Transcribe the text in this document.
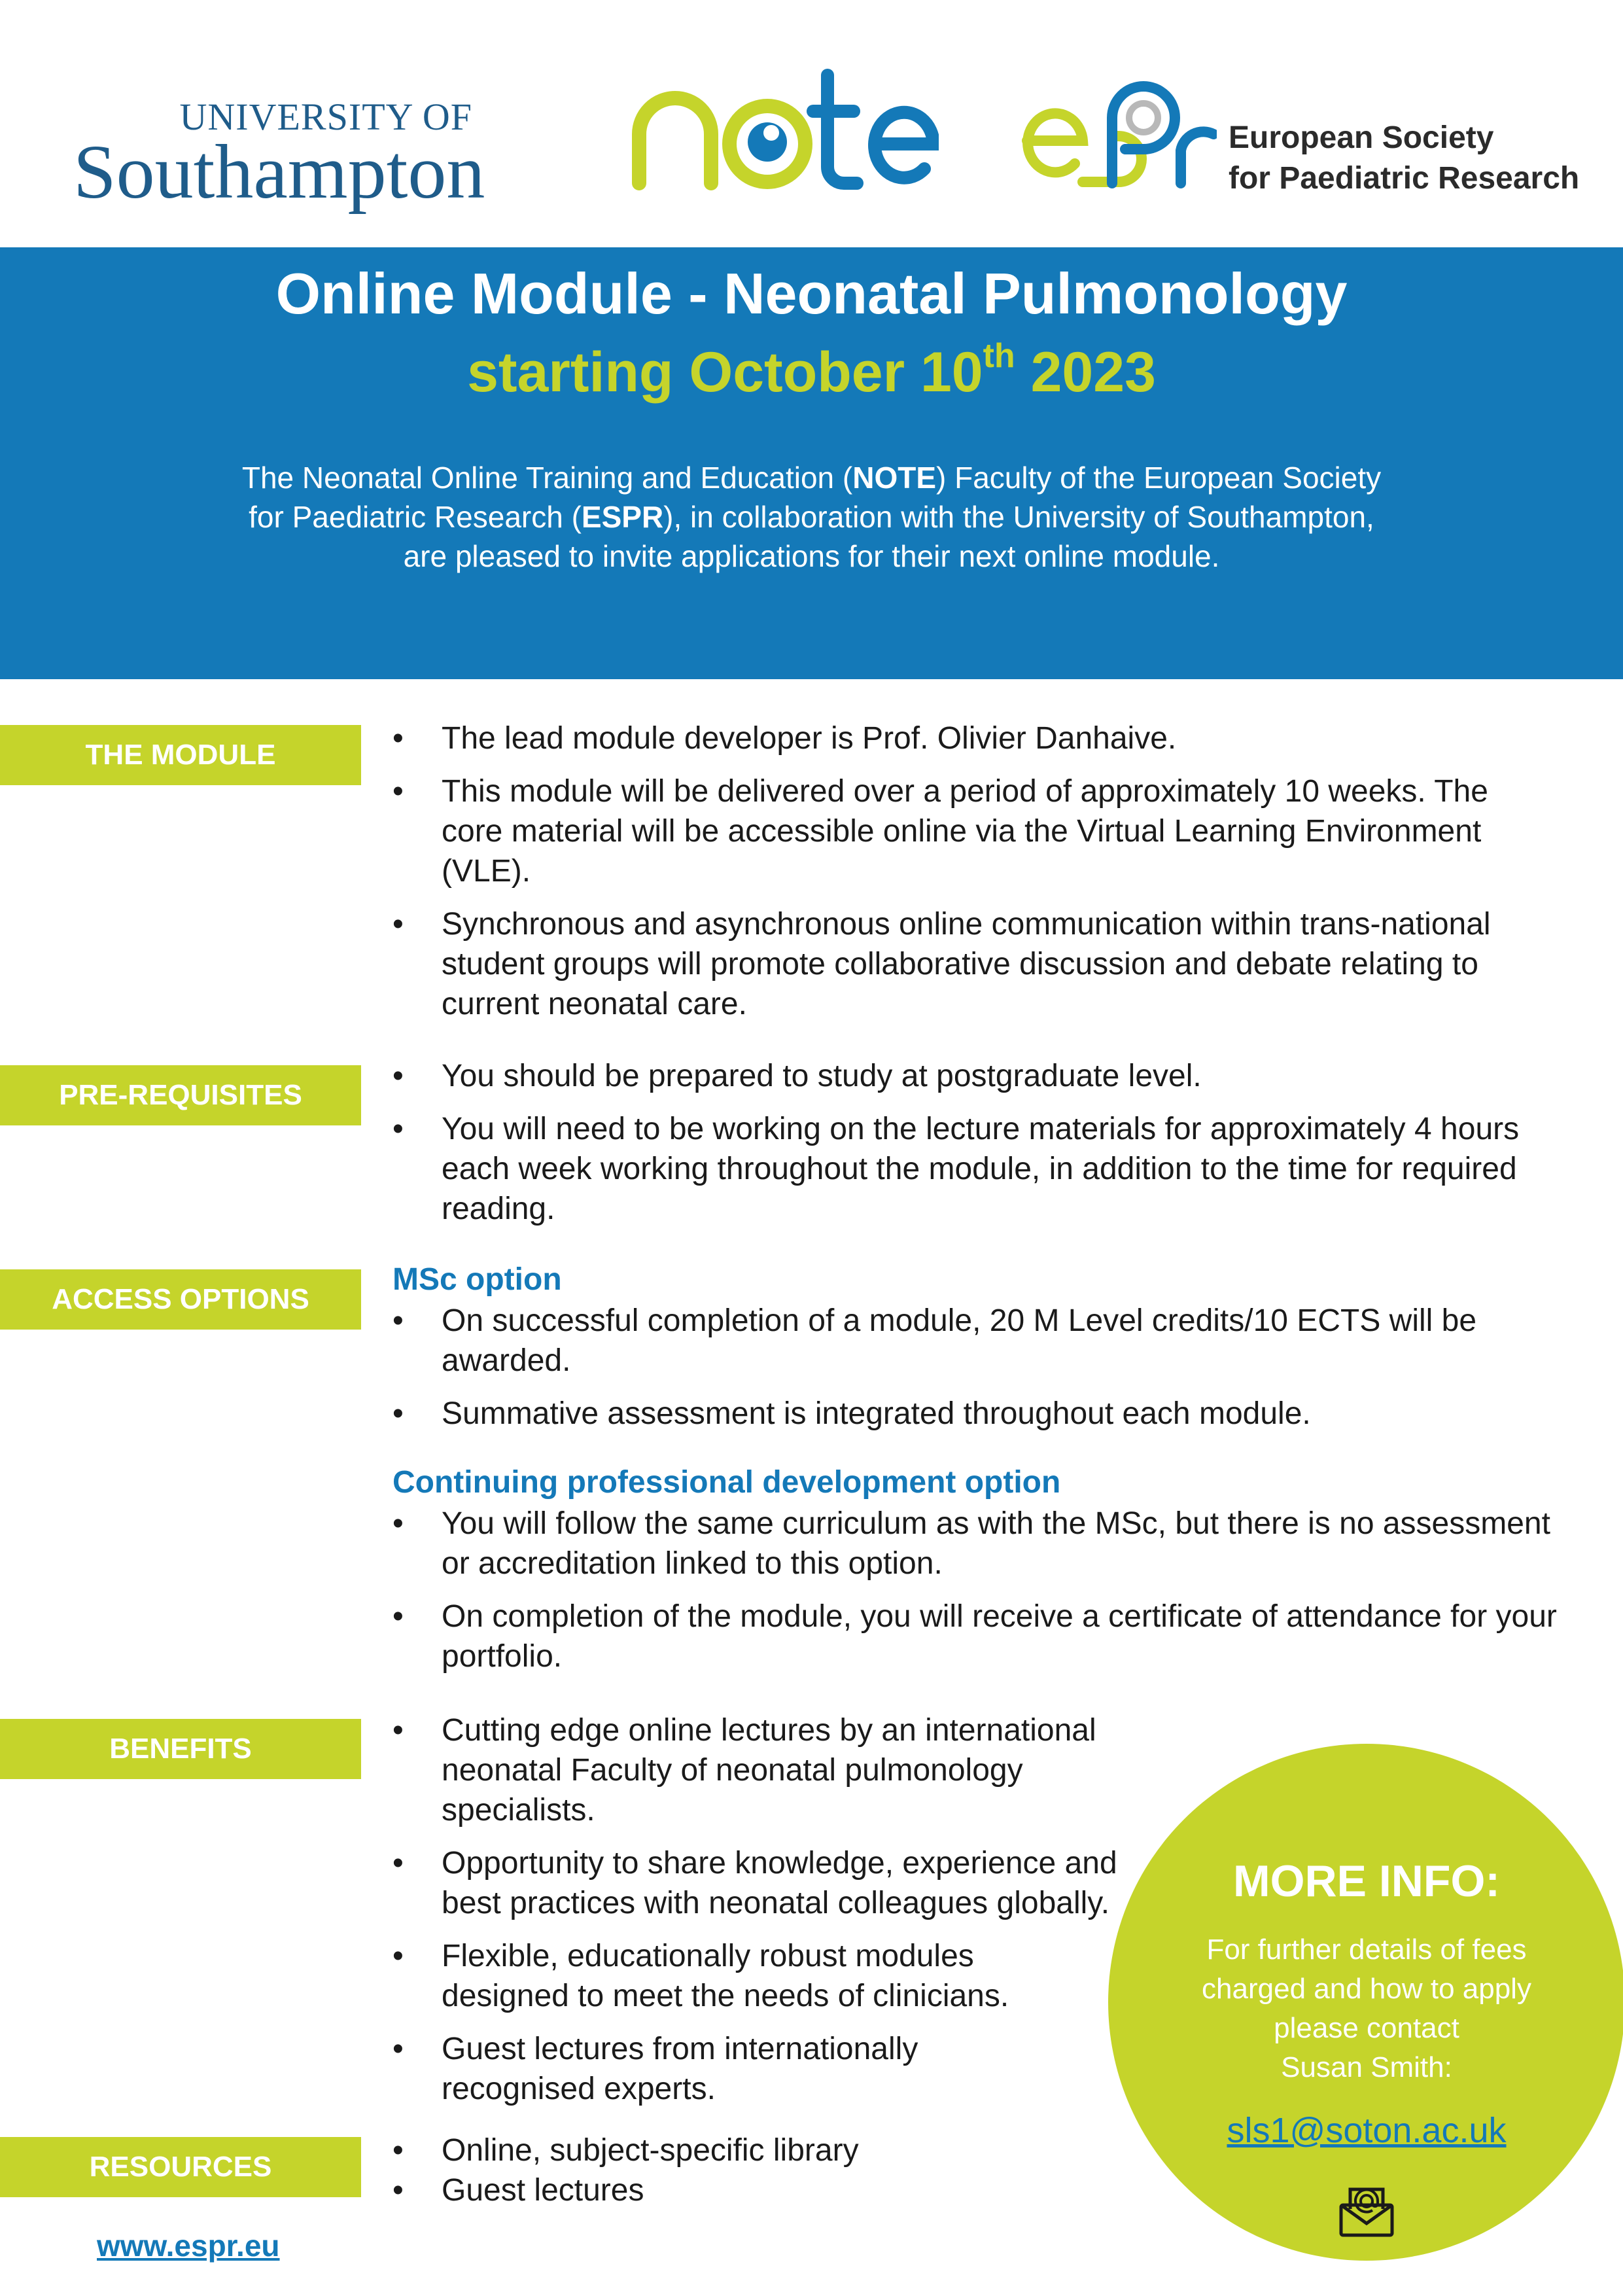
UNIVERSITY OF
Southampton	European Society
for Paediatric Research
Online Module - Neonatal Pulmonology
starting October 10th 2023
The Neonatal Online Training and Education (NOTE) Faculty of the European Society
for Paediatric Research (ESPR), in collaboration with the University of Southampton,
are pleased to invite applications for their next online module.
THE MODULE	• The lead module developer is Prof. Olivier Danhaive.
• This module will be delivered over a period of approximately 10 weeks. The core material will be accessible online via the Virtual Learning Environment (VLE).
• Synchronous and asynchronous online communication within trans-national student groups will promote collaborative discussion and debate relating to current neonatal care.
PRE-REQUISITES
• You should be prepared to study at postgraduate level.
• You will need to be working on the lecture materials for approximately 4 hours each week working throughout the module, in addition to the time for required reading.
ACCESS OPTIONS
MSc option
• On successful completion of a module, 20 M Level credits/10 ECTS will be awarded.
• Summative assessment is integrated throughout each module.
Continuing professional development option
• You will follow the same curriculum as with the MSc, but there is no assessment or accreditation linked to this option.
• On completion of the module, you will receive a certificate of attendance for your portfolio.
BENEFITS
• Cutting edge online lectures by an international neonatal Faculty of neonatal pulmonology specialists.
• Opportunity to share knowledge, experience and best practices with neonatal colleagues globally.
• Flexible, educationally robust modules designed to meet the needs of clinicians.
• Guest lectures from internationally recognised experts.
RESOURCES	• Online, subject-specific library
• Guest lectures
MORE INFO:
For further details of fees
charged and how to apply
please contact
Susan Smith:
sls1@soton.ac.uk
www.espr.eu
